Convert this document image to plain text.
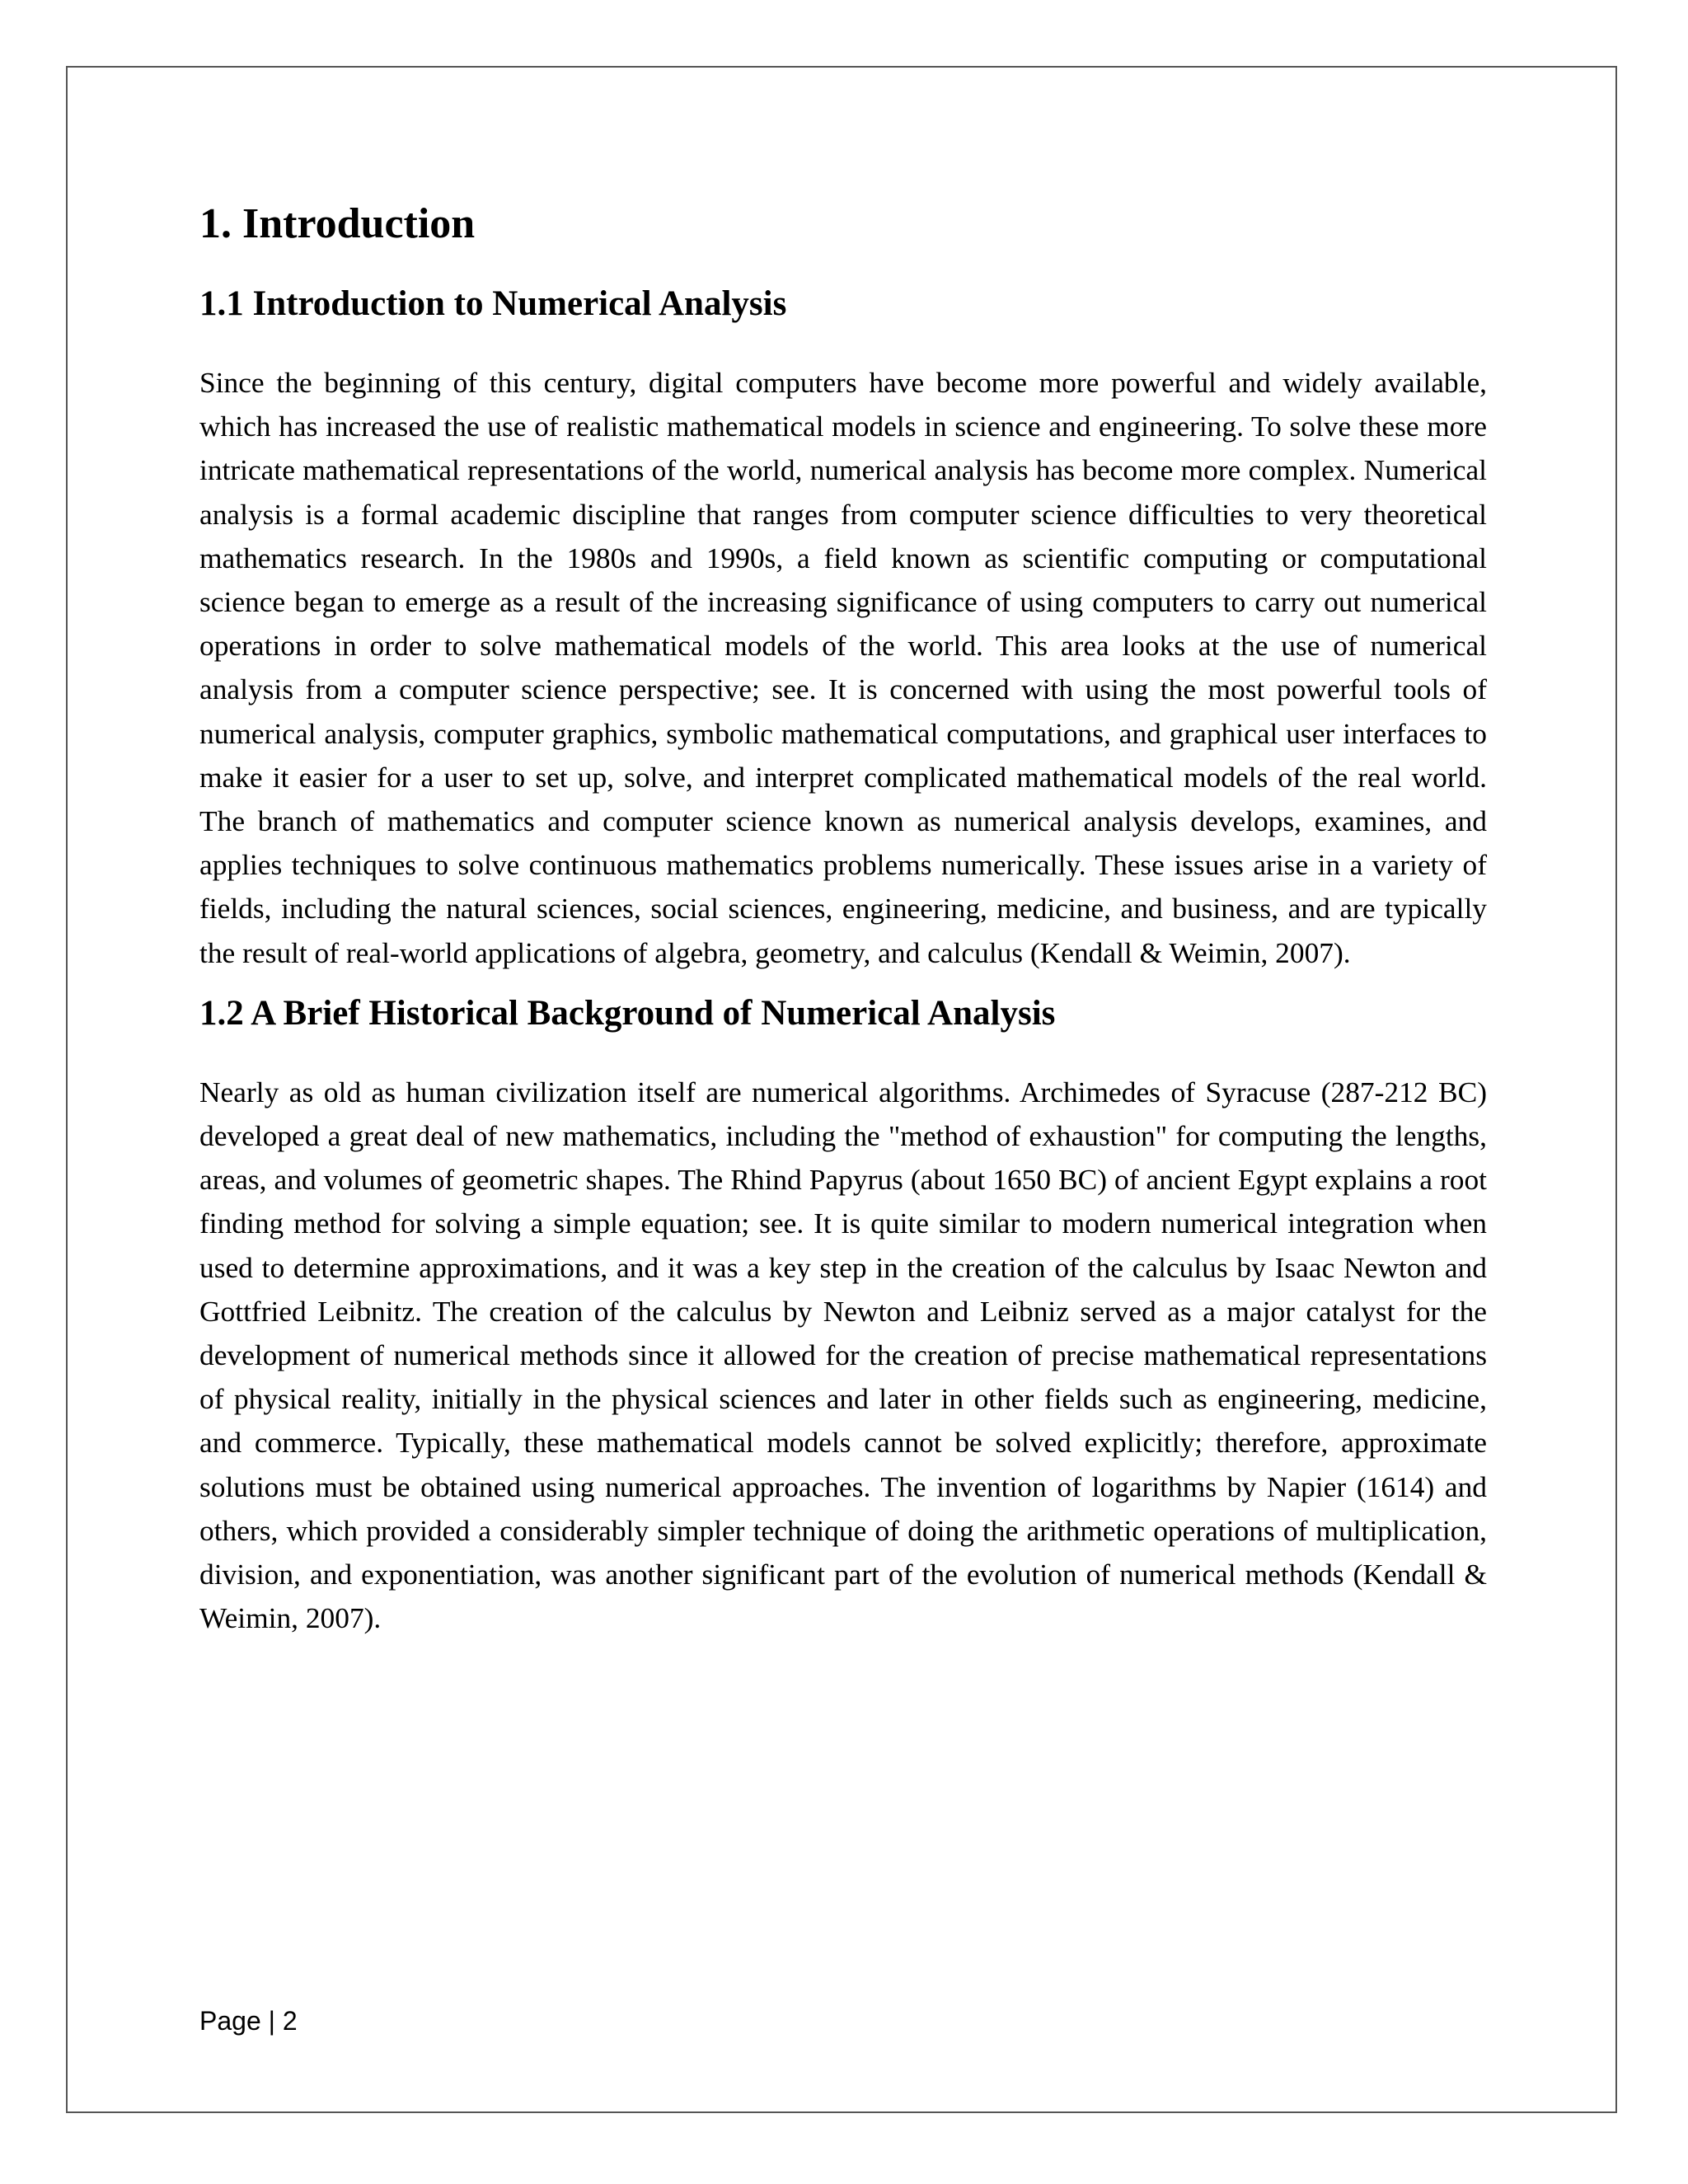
1. Introduction
1.1 Introduction to Numerical Analysis

Since the beginning of this century, digital computers have become more powerful and widely available, which has increased the use of realistic mathematical models in science and engineering. To solve these more intricate mathematical representations of the world, numerical analysis has become more complex. Numerical analysis is a formal academic discipline that ranges from computer science difficulties to very theoretical mathematics research. In the 1980s and 1990s, a field known as scientific computing or computational science began to emerge as a result of the increasing significance of using computers to carry out numerical operations in order to solve mathematical models of the world. This area looks at the use of numerical analysis from a computer science perspective; see. It is concerned with using the most powerful tools of numerical analysis, computer graphics, symbolic mathematical computations, and graphical user interfaces to make it easier for a user to set up, solve, and interpret complicated mathematical models of the real world. The branch of mathematics and computer science known as numerical analysis develops, examines, and applies techniques to solve continuous mathematics problems numerically. These issues arise in a variety of fields, including the natural sciences, social sciences, engineering, medicine, and business, and are typically the result of real-world applications of algebra, geometry, and calculus (Kendall & Weimin, 2007).

1.2 A Brief Historical Background of Numerical Analysis

Nearly as old as human civilization itself are numerical algorithms. Archimedes of Syracuse (287-212 BC) developed a great deal of new mathematics, including the "method of exhaustion" for computing the lengths, areas, and volumes of geometric shapes. The Rhind Papyrus (about 1650 BC) of ancient Egypt explains a root finding method for solving a simple equation; see. It is quite similar to modern numerical integration when used to determine approximations, and it was a key step in the creation of the calculus by Isaac Newton and Gottfried Leibnitz. The creation of the calculus by Newton and Leibniz served as a major catalyst for the development of numerical methods since it allowed for the creation of precise mathematical representations of physical reality, initially in the physical sciences and later in other fields such as engineering, medicine, and commerce. Typically, these mathematical models cannot be solved explicitly; therefore, approximate solutions must be obtained using numerical approaches. The invention of logarithms by Napier (1614) and others, which provided a considerably simpler technique of doing the arithmetic operations of multiplication, division, and exponentiation, was another significant part of the evolution of numerical methods (Kendall & Weimin, 2007).

Page | 2
